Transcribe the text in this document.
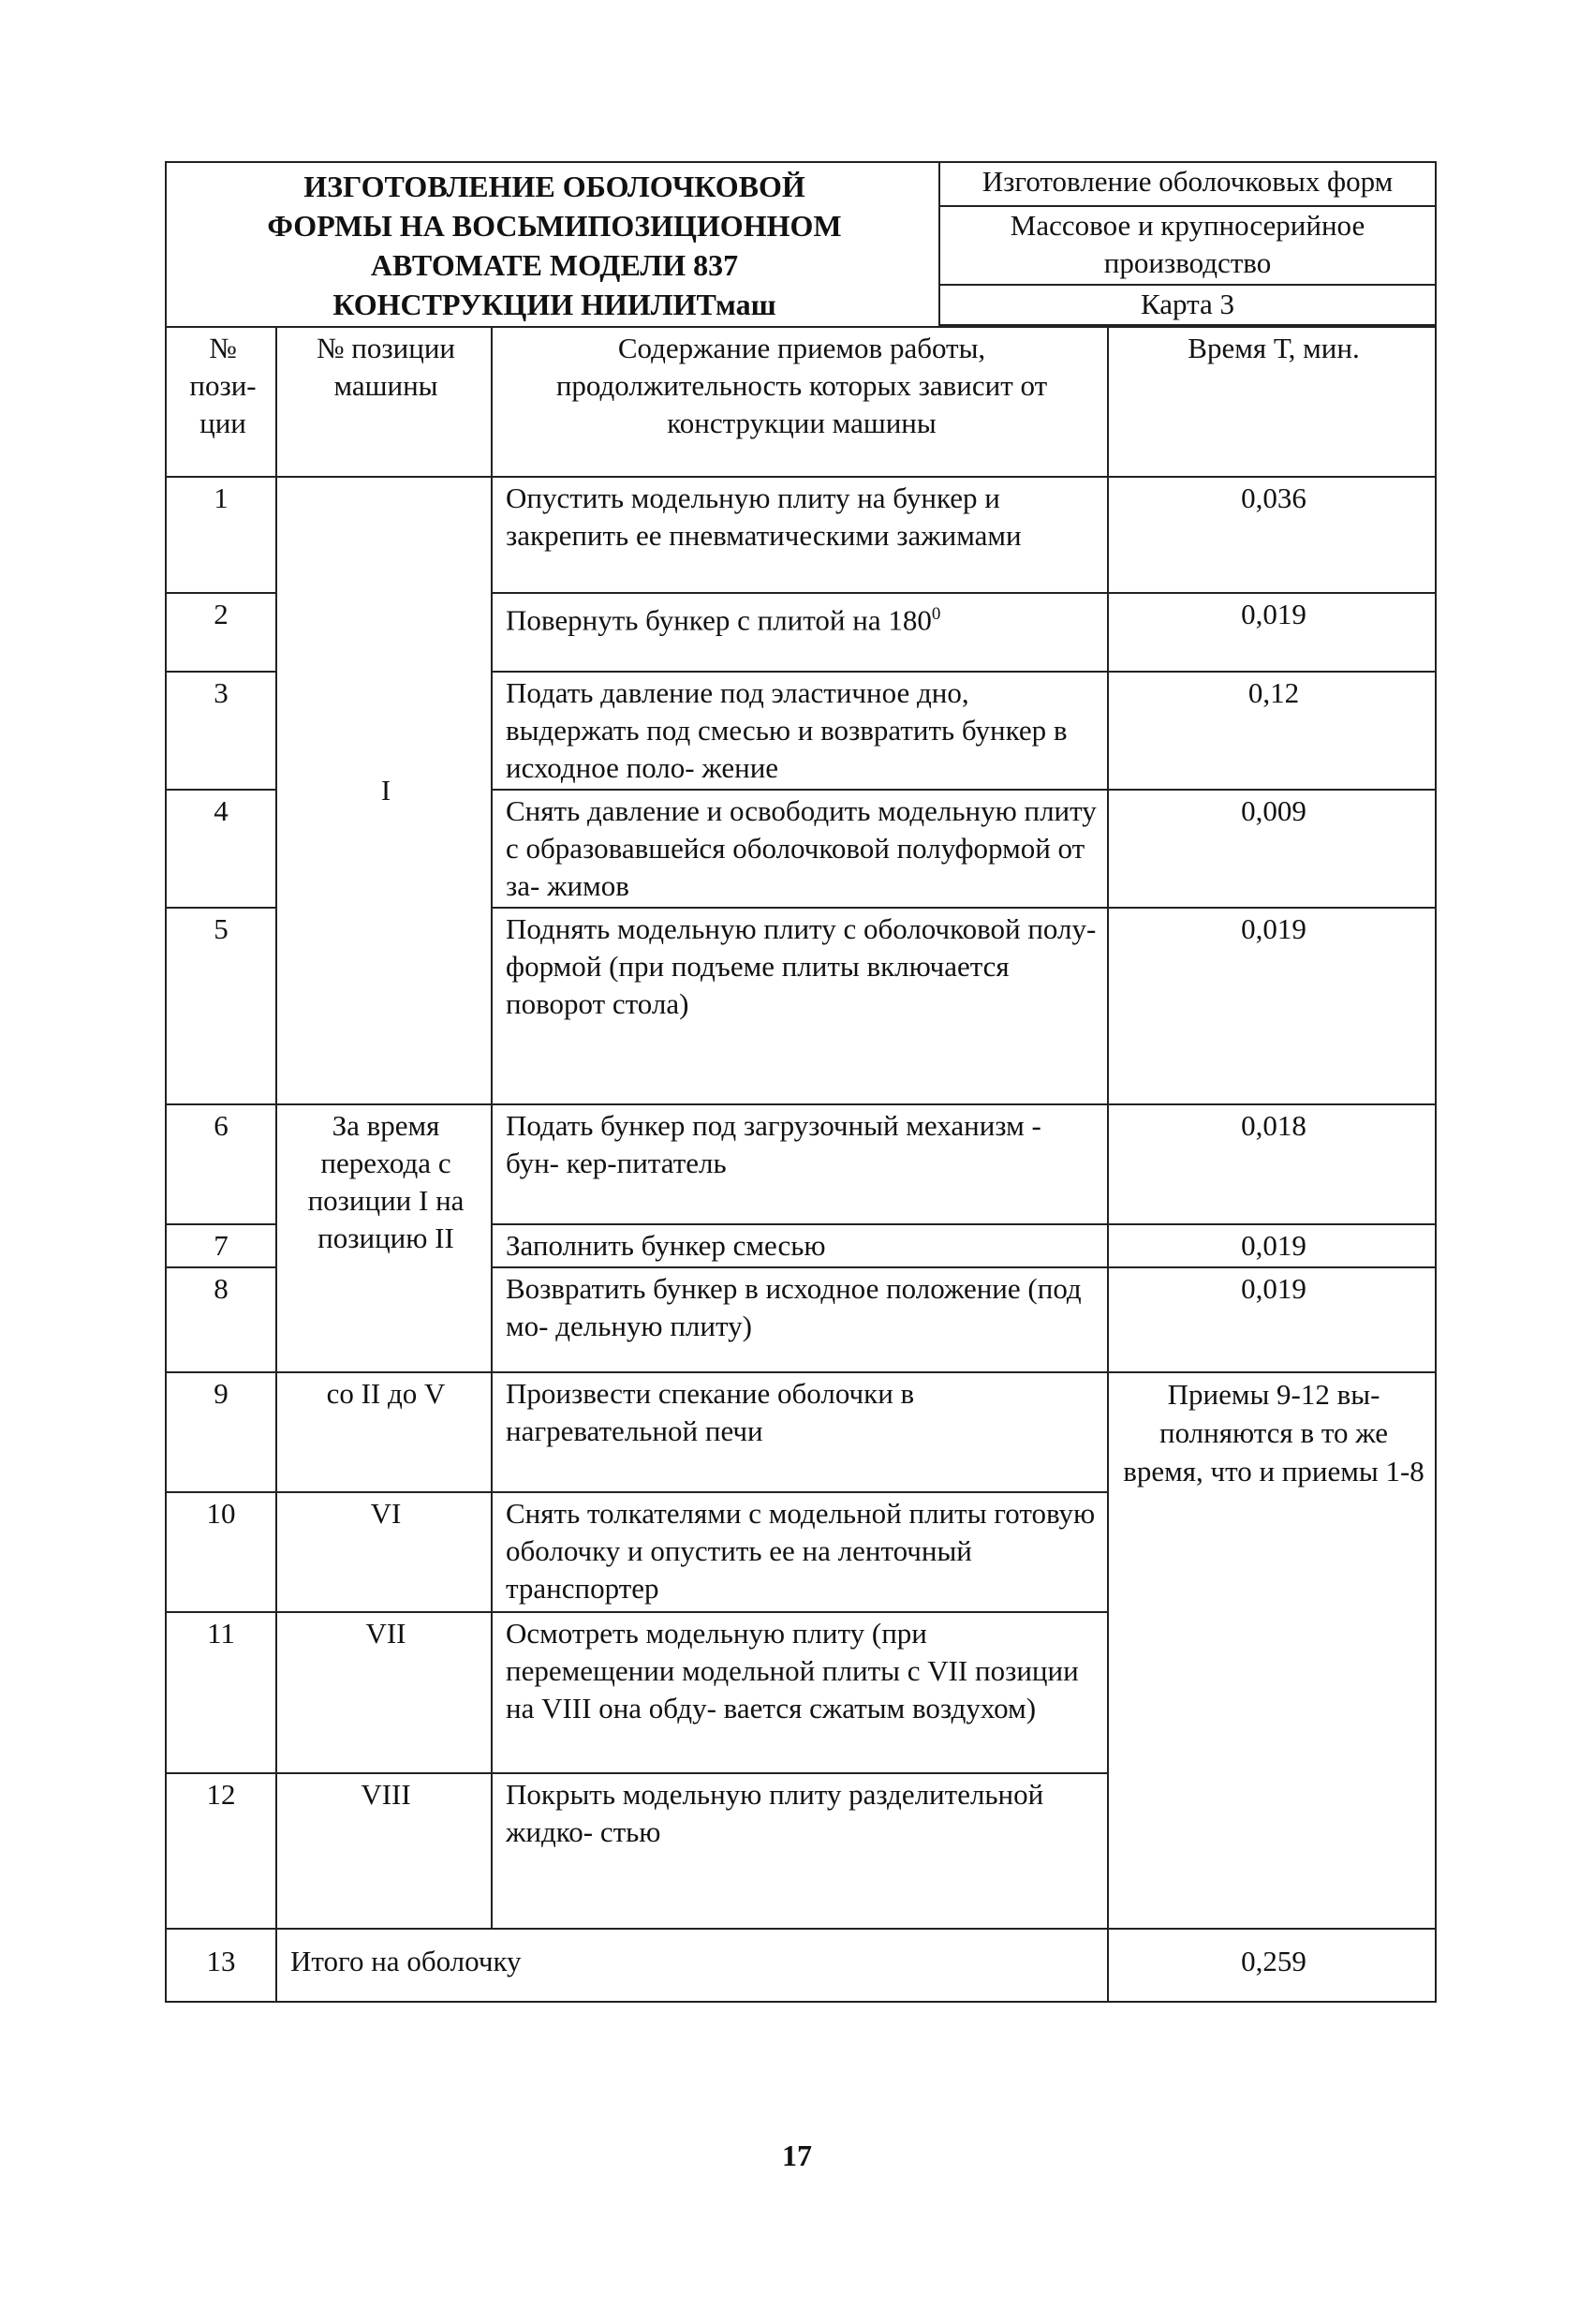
ИЗГОТОВЛЕНИЕ ОБОЛОЧКОВОЙ
ФОРМЫ НА ВОСЬМИПОЗИЦИОННОМ
АВТОМАТЕ МОДЕЛИ 837
КОНСТРУКЦИИ НИИЛИТмаш			Изготовление оболочковых форм	
			Массовое и крупносерийное производство	
			Карта 3	

№ пози- ции	№ позиции машины	Содержание приемов работы, продолжительность которых зависит от конструкции машины		Время Т, мин.
1	I	Опустить модельную плиту на бункер и закрепить ее пневматическими зажимами		0,036
2		Повернуть бункер с плитой на $180^0$		0,019
3		Подать давление под эластичное дно, выдержать под смесью и возвратить бункер в исходное поло- жение		0,12
4		Снять давление и освободить модельную плиту с образовавшейся оболочковой полуформой от за- жимов		0,009
5		Поднять модельную плиту с оболочковой полу- формой (при подъеме плиты включается поворот стола)		0,019
6	За время перехода с позиции I на позицию II	Подать бункер под загрузочный механизм - бун- кер-питатель		0,018
7		Заполнить бункер смесью		0,019
8		Возвратить бункер в исходное положение (под мо- дельную плиту)		0,019
9	со II до V	Произвести спекание оболочки в нагревательной печи		Приемы 9-12 вы- полняются в то же время, что и приемы 1-8
10	VI	Снять толкателями с модельной плиты готовую оболочку и опустить ее на ленточный транспортер		
11	VII	Осмотреть модельную плиту (при перемещении модельной плиты с VII позиции на VIII она обду- вается сжатым воздухом)		
12	VIII	Покрыть модельную плиту разделительной жидко- стью		
13	Итого на оболочку			0,259
17
